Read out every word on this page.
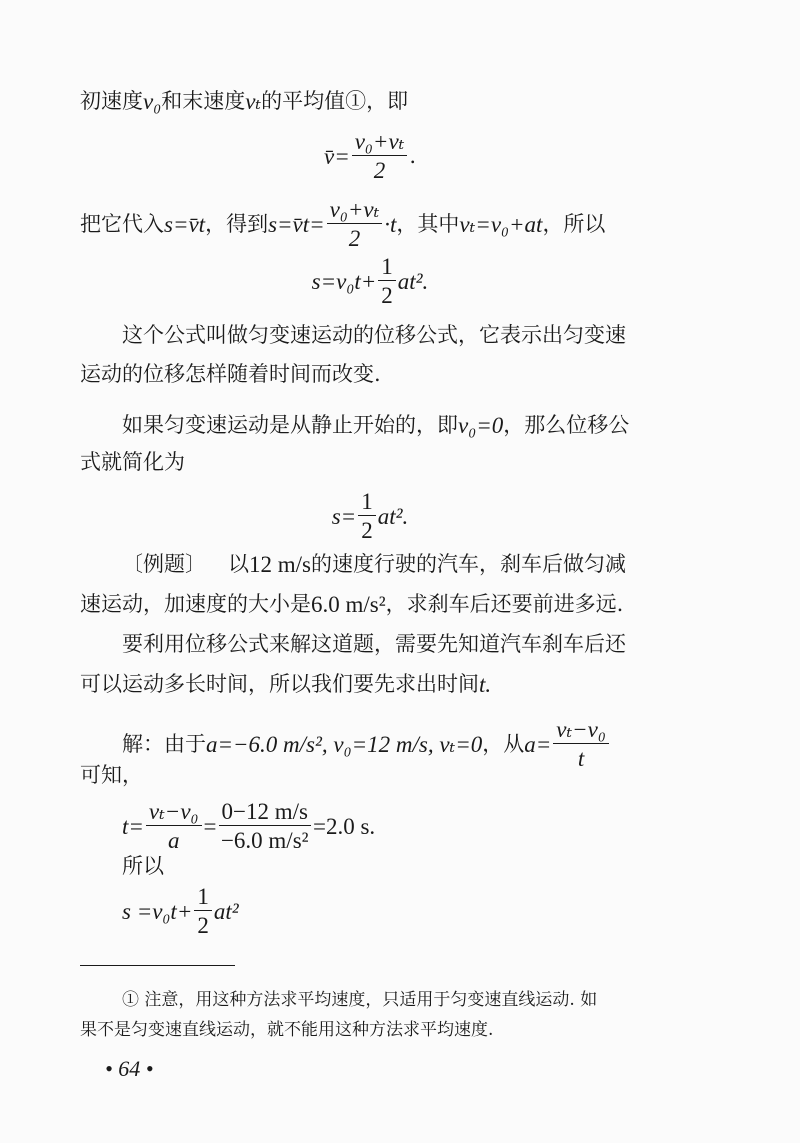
初速度 v₀ 和末速度 vₜ 的平均值①，即
v̄= $\frac{\text{v₀+vₜ}}{2}$ .
把它代入 s=v̄t ，得到 s=v̄t= $\frac{\text{v₀+vₜ}}{2} \cdot t$ ，其中 vₜ=v₀+at ，所以
$s=v_0t+ \frac{1}{2} at^2$.
这个公式叫做匀变速运动的位移公式，它表示出匀变速
运动的位移怎样随着时间而改变.
如果匀变速运动是从静止开始的，即 v₀=0 ，那么位移公
式就简化为
$s= \frac{1}{2} at^2$.
〔例题〕 以 12 m/s 的速度行驶的汽车，刹车后做匀减
速运动，加速度的大小是 6.0 m/s² ，求刹车后还要前进多远.
要利用位移公式来解这道题，需要先知道汽车刹车后还
可以运动多长时间，所以我们要先求出时间 t.
解：由于 a=−6.0 m/s², v₀=12 m/s, vₜ=0 ，从 $a= \frac{\text{vₜ−v₀}}{t}$
可知，
$t= \frac{\text{vₜ−v₀}}{a} = \frac{0-12 m/s}{\text{−6.0 m/s²}} =2.0$ s.
所以
$s =v_0t+ \frac{1}{2} at^2$
① 注意，用这种方法求平均速度，只适用于匀变速直线运动. 如
果不是匀变速直线运动，就不能用这种方法求平均速度.
• 64 •
